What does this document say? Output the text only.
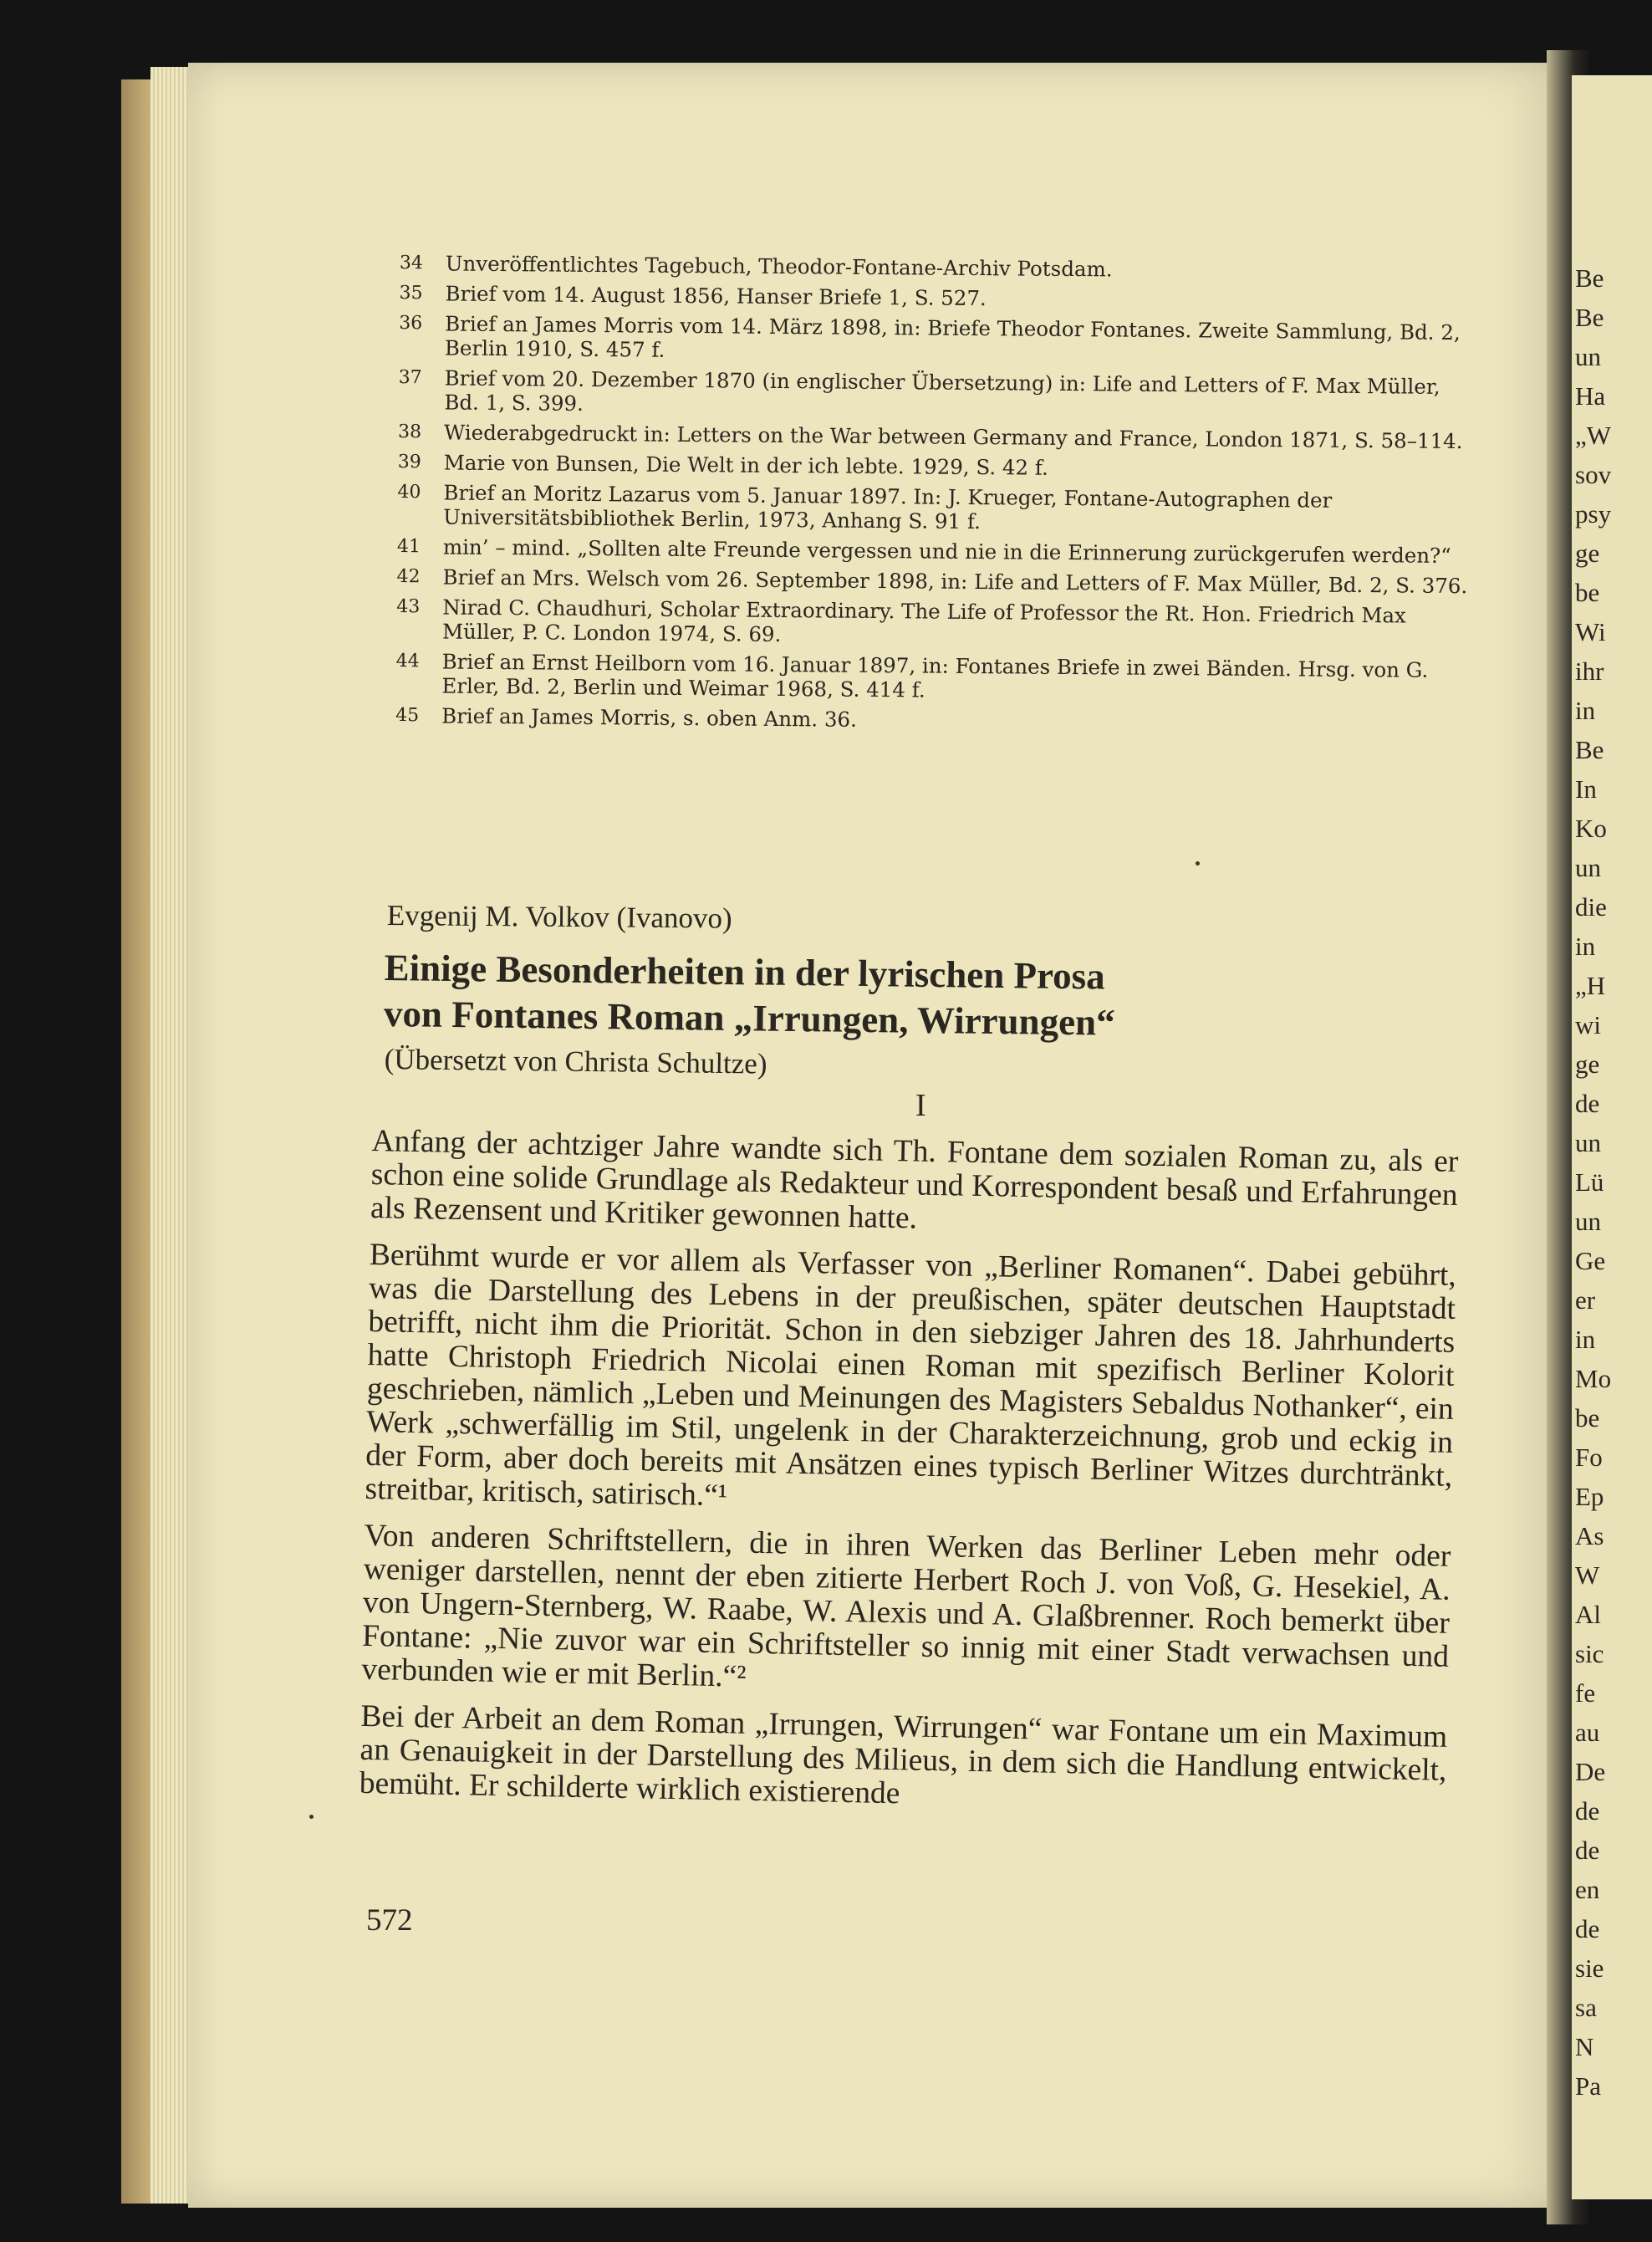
Be
Be
un
Ha
„W
sov
psy
ge
be
Wi
ihr
in
Be
In
Ko
un
die
in
„H
wi
ge
de
un
Lü
un
Ge
er
in
Mo
be
Fo
Ep
As
W
Al
sic
fe
au
De
de
de
en
de
sie
sa
N
Pa
34	Unveröffentlichtes Tagebuch, Theodor-Fontane-Archiv Potsdam.
35	Brief vom 14. August 1856, Hanser Briefe 1, S. 527.
36	Brief an James Morris vom 14. März 1898, in: Briefe Theodor Fontanes. Zweite Sammlung, Bd. 2, Berlin 1910, S. 457 f.
37	Brief vom 20. Dezember 1870 (in englischer Übersetzung) in: Life and Letters of F. Max Müller, Bd. 1, S. 399.
38	Wiederabgedruckt in: Letters on the War between Germany and France, London 1871, S. 58–114.
39	Marie von Bunsen, Die Welt in der ich lebte. 1929, S. 42 f.
40	Brief an Moritz Lazarus vom 5. Januar 1897. In: J. Krueger, Fontane-Autographen der Universitätsbibliothek Berlin, 1973, Anhang S. 91 f.
41	min’ – mind. „Sollten alte Freunde vergessen und nie in die Erinnerung zurückgerufen werden?“
42	Brief an Mrs. Welsch vom 26. September 1898, in: Life and Letters of F. Max Müller, Bd. 2, S. 376.
43	Nirad C. Chaudhuri, Scholar Extraordinary. The Life of Professor the Rt. Hon. Friedrich Max Müller, P. C. London 1974, S. 69.
44	Brief an Ernst Heilborn vom 16. Januar 1897, in: Fontanes Briefe in zwei Bänden. Hrsg. von G. Erler, Bd. 2, Berlin und Weimar 1968, S. 414 f.
45	Brief an James Morris, s. oben Anm. 36.
Evgenij M. Volkov (Ivanovo)
Einige Besonderheiten in der lyrischen Prosa
von Fontanes Roman „Irrungen, Wirrungen“
(Übersetzt von Christa Schultze)
I

Anfang der achtziger Jahre wandte sich Th. Fontane dem sozialen Roman zu, als er schon eine solide Grundlage als Redakteur und Korrespondent besaß und Erfahrungen als Rezensent und Kritiker gewonnen hatte.

Berühmt wurde er vor allem als Verfasser von „Berliner Romanen“. Dabei gebührt, was die Darstellung des Lebens in der preußischen, später deutschen Hauptstadt betrifft, nicht ihm die Priorität. Schon in den siebziger Jahren des 18. Jahrhunderts hatte Christoph Friedrich Nicolai einen Roman mit spezifisch Berliner Kolorit geschrieben, nämlich „Leben und Meinungen des Magisters Sebaldus Nothanker“, ein Werk „schwerfällig im Stil, ungelenk in der Charakterzeichnung, grob und eckig in der Form, aber doch bereits mit Ansätzen eines typisch Berliner Witzes durchtränkt, streitbar, kritisch, satirisch.“¹

Von anderen Schriftstellern, die in ihren Werken das Berliner Leben mehr oder weniger darstellen, nennt der eben zitierte Herbert Roch J. von Voß, G. Hesekiel, A. von Ungern-Sternberg, W. Raabe, W. Alexis und A. Glaßbrenner. Roch bemerkt über Fontane: „Nie zuvor war ein Schriftsteller so innig mit einer Stadt verwachsen und verbunden wie er mit Berlin.“²

Bei der Arbeit an dem Roman „Irrungen, Wirrungen“ war Fontane um ein Maximum an Genauigkeit in der Darstellung des Milieus, in dem sich die Handlung entwickelt, bemüht. Er schilderte wirklich existierende

572
